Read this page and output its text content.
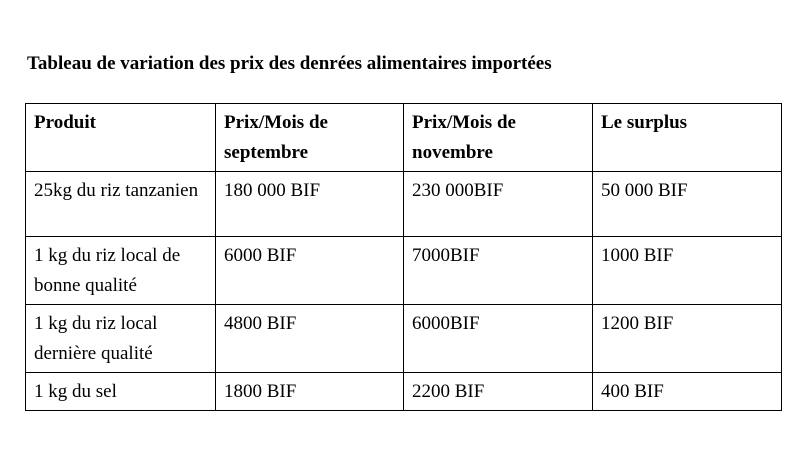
Tableau de variation des prix des denrées alimentaires importées
Produit	Prix/Mois de septembre	Prix/Mois de novembre	Le surplus
25kg du riz tanzanien	180 000 BIF	230 000BIF	50 000 BIF
1 kg du riz local de bonne qualité	6000 BIF	7000BIF	1000 BIF
1 kg du riz local dernière qualité	4800 BIF	6000BIF	1200 BIF
1 kg du sel	1800 BIF	2200 BIF	400 BIF
